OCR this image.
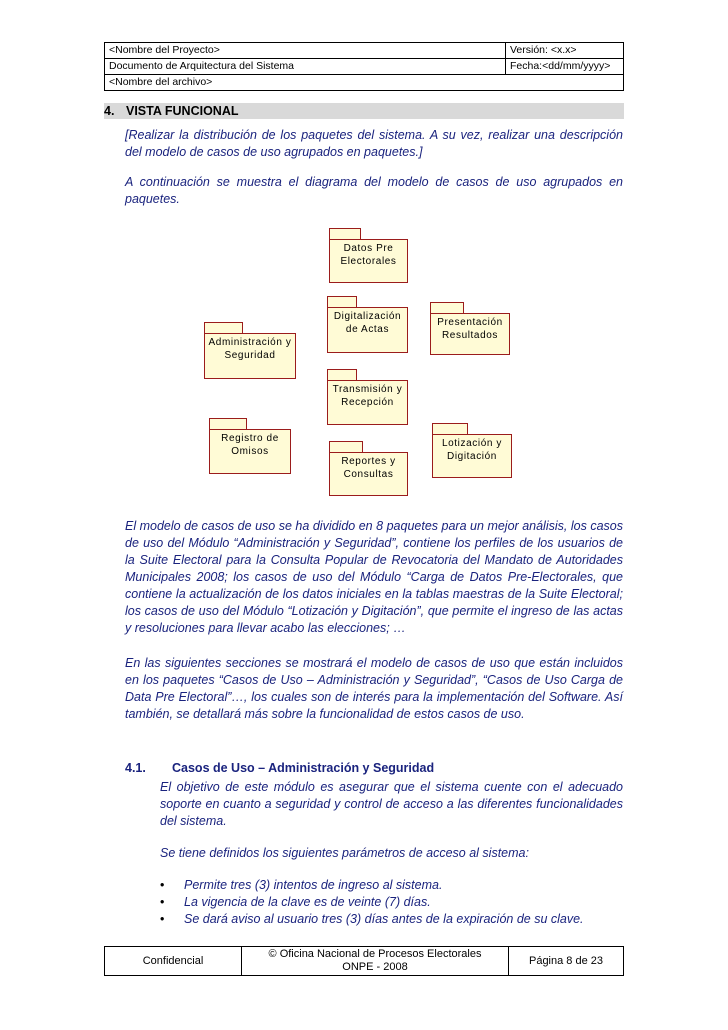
<Nombre del Proyecto>	Versión: <x.x>
Documento de Arquitectura del Sistema	Fecha:<dd/mm/yyyy>
<Nombre del archivo>	
4. VISTA FUNCIONAL

[Realizar la distribución de los paquetes del sistema. A su vez, realizar una descripción del modelo de casos de uso agrupados en paquetes.]

A continuación se muestra el diagrama del modelo de casos de uso agrupados en paquetes.

Datos Pre
Electorales
Digitalización
de Actas
Presentación
Resultados
Administración y
Seguridad
Transmisión y
Recepción
Registro de
Omisos
Reportes y
Consultas
Lotización y
Digitación

El modelo de casos de uso se ha dividido en 8 paquetes para un mejor análisis, los casos de uso del Módulo “Administración y Seguridad”, contiene los perfiles de los usuarios de la Suite Electoral para la Consulta Popular de Revocatoria del Mandato de Autoridades Municipales 2008; los casos de uso del Módulo “Carga de Datos Pre-Electorales, que contiene la actualización de los datos iniciales en la tablas maestras de la Suite Electoral; los casos de uso del Módulo “Lotización y Digitación”, que permite el ingreso de las actas y resoluciones para llevar acabo las elecciones; …

En las siguientes secciones se mostrará el modelo de casos de uso que están incluidos en los paquetes “Casos de Uso – Administración y Seguridad”, “Casos de Uso Carga de Data Pre Electoral”…, los cuales son de interés para la implementación del Software. Así también, se detallará más sobre la funcionalidad de estos casos de uso.

4.1. Casos de Uso – Administración y Seguridad

El objetivo de este módulo es asegurar que el sistema cuente con el adecuado soporte en cuanto a seguridad y control de acceso a las diferentes funcionalidades del sistema.

Se tiene definidos los siguientes parámetros de acceso al sistema:

• Permite tres (3) intentos de ingreso al sistema.
• La vigencia de la clave es de veinte (7) días.
• Se dará aviso al usuario tres (3) días antes de la expiración de su clave.
Confidencial	
© Oficina Nacional de Procesos Electorales
ONPE - 2008
	Página 8 de 23
